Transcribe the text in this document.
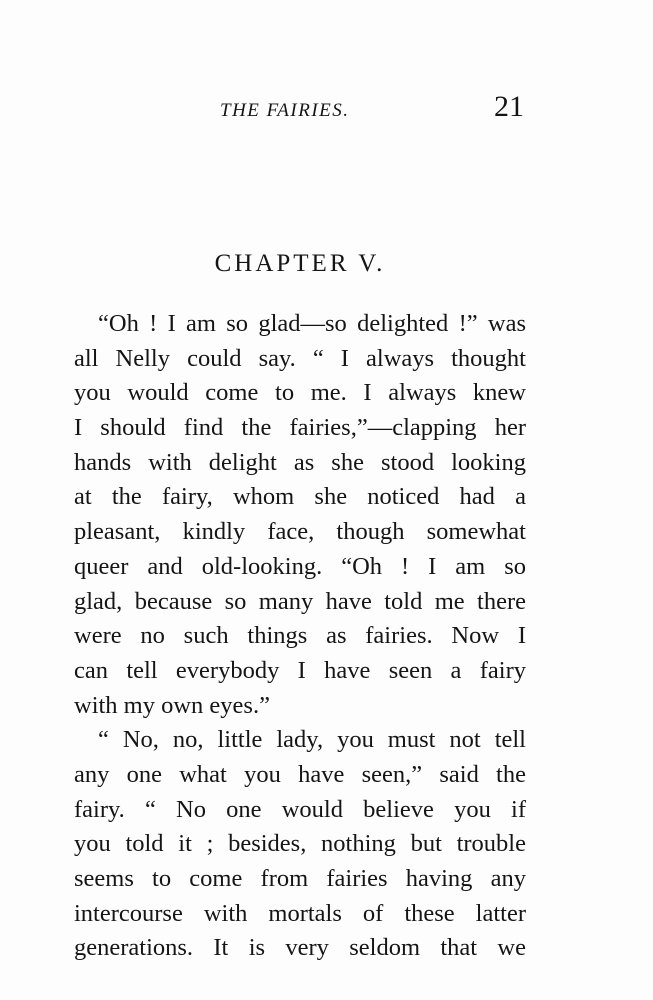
THE FAIRIES.	21
CHAPTER V.
“Oh ! I am so glad—so delighted !” was
all Nelly could say. “ I always thought
you would come to me. I always knew
I should find the fairies,”—clapping her
hands with delight as she stood looking
at the fairy, whom she noticed had a
pleasant, kindly face, though somewhat
queer and old-looking. “Oh ! I am so
glad, because so many have told me there
were no such things as fairies. Now I
can tell everybody I have seen a fairy
with my own eyes.”
“ No, no, little lady, you must not tell
any one what you have seen,” said the
fairy. “ No one would believe you if
you told it ; besides, nothing but trouble
seems to come from fairies having any
intercourse with mortals of these latter
generations. It is very seldom that we
